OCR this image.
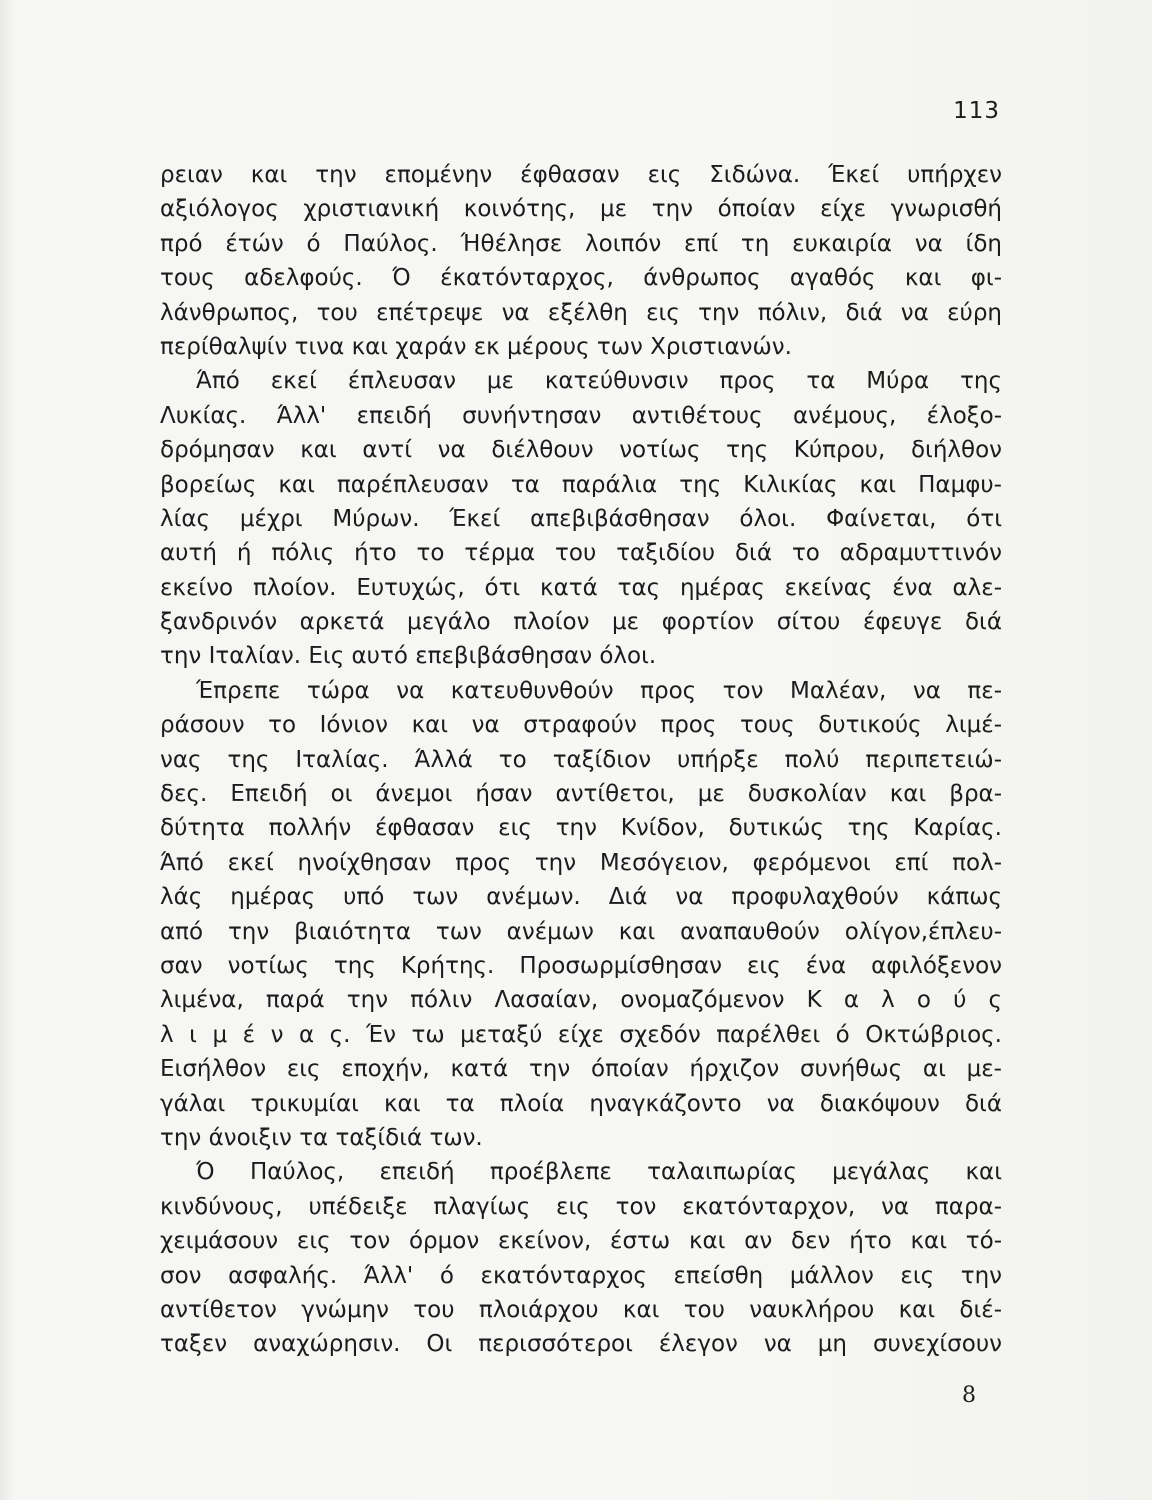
113
ρειαν και την επομένην έφθασαν εις Σιδώνα. Έκεί υπήρχεν
αξιόλογος χριστιανική κοινότης, με την όποίαν είχε γνωρισθή
πρό έτών ό Παύλος. Ήθέλησε λοιπόν επί τη ευκαιρία να ίδη
τους αδελφούς. Ό έκατόνταρχος, άνθρωπος αγαθός και φι-
λάνθρωπος, του επέτρεψε να εξέλθη εις την πόλιν, διά να εύρη
περίθαλψίν τινα και χαράν εκ μέρους των Χριστιανών.
Άπό εκεί έπλευσαν με κατεύθυνσιν προς τα Μύρα της
Λυκίας. Άλλ' επειδή συνήντησαν αντιθέτους ανέμους, έλοξο-
δρόμησαν και αντί να διέλθουν νοτίως της Κύπρου, διήλθον
βορείως και παρέπλευσαν τα παράλια της Κιλικίας και Παμφυ-
λίας μέχρι Μύρων. Έκεί απεβιβάσθησαν όλοι. Φαίνεται, ότι
αυτή ή πόλις ήτο το τέρμα του ταξιδίου διά το αδραμυττινόν
εκείνο πλοίον. Ευτυχώς, ότι κατά τας ημέρας εκείνας ένα αλε-
ξανδρινόν αρκετά μεγάλο πλοίον με φορτίον σίτου έφευγε διά
την Ιταλίαν. Εις αυτό επεβιβάσθησαν όλοι.
Έπρεπε τώρα να κατευθυνθούν προς τον Μαλέαν, να πε-
ράσουν το Ιόνιον και να στραφούν προς τους δυτικούς λιμέ-
νας της Ιταλίας. Άλλά το ταξίδιον υπήρξε πολύ περιπετειώ-
δες. Επειδή οι άνεμοι ήσαν αντίθετοι, με δυσκολίαν και βρα-
δύτητα πολλήν έφθασαν εις την Κνίδον, δυτικώς της Καρίας.
Άπό εκεί ηνοίχθησαν προς την Μεσόγειον, φερόμενοι επί πολ-
λάς ημέρας υπό των ανέμων. Διά να προφυλαχθούν κάπως
από την βιαιότητα των ανέμων και αναπαυθούν ολίγον,έπλευ-
σαν νοτίως της Κρήτης. Προσωρμίσθησαν εις ένα αφιλόξενον
λιμένα, παρά την πόλιν Λασαίαν, ονομαζόμενον Κ α λ ο ύ ς
λ ι μ έ ν α ς. Έν τω μεταξύ είχε σχεδόν παρέλθει ό Οκτώβριος.
Εισήλθον εις εποχήν, κατά την όποίαν ήρχιζον συνήθως αι με-
γάλαι τρικυμίαι και τα πλοία ηναγκάζοντο να διακόψουν διά
την άνοιξιν τα ταξίδιά των.
Ό Παύλος, επειδή προέβλεπε ταλαιπωρίας μεγάλας και
κινδύνους, υπέδειξε πλαγίως εις τον εκατόνταρχον, να παρα-
χειμάσουν εις τον όρμον εκείνον, έστω και αν δεν ήτο και τό-
σον ασφαλής. Άλλ' ό εκατόνταρχος επείσθη μάλλον εις την
αντίθετον γνώμην του πλοιάρχου και του ναυκλήρου και διέ-
ταξεν αναχώρησιν. Οι περισσότεροι έλεγον να μη συνεχίσουν
8
